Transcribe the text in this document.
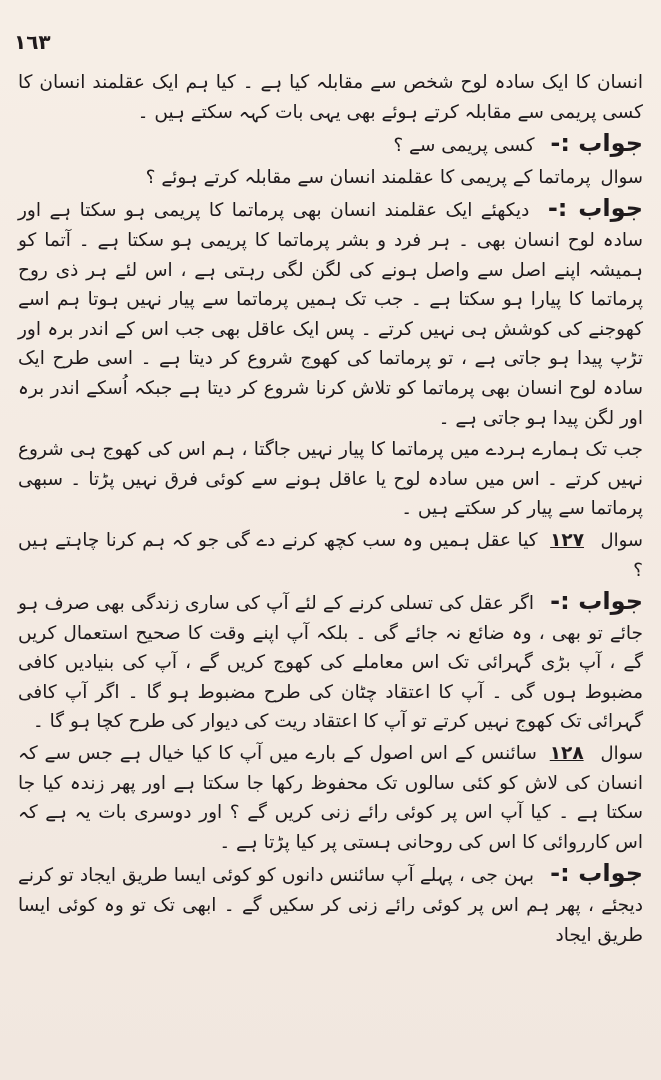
١٦٣

انسان کا ایک سادہ لوح شخص سے مقابلہ کیا ہے ۔ کیا ہم ایک عقلمند انسان کا کسی پریمی سے مقابلہ کرتے ہوئے بھی یہی بات کہہ سکتے ہیں ۔

جواب :- کسی پریمی سے ؟

سوال پرماتما کے پریمی کا عقلمند انسان سے مقابلہ کرتے ہوئے ؟

جواب :- دیکھئے ایک عقلمند انسان بھی پرماتما کا پریمی ہو سکتا ہے اور سادہ لوح انسان بھی ۔ ہر فرد و بشر پرماتما کا پریمی ہو سکتا ہے ۔ آتما کو ہمیشہ اپنے اصل سے واصل ہونے کی لگن لگی رہتی ہے ، اس لئے ہر ذی روح پرماتما کا پیارا ہو سکتا ہے ۔ جب تک ہمیں پرماتما سے پیار نہیں ہوتا ہم اسے کھوجنے کی کوشش ہی نہیں کرتے ۔ پس ایک عاقل بھی جب اس کے اندر برہ اور تڑپ پیدا ہو جاتی ہے ، تو پرماتما کی کھوج شروع کر دیتا ہے ۔ اسی طرح ایک سادہ لوح انسان بھی پرماتما کو تلاش کرنا شروع کر دیتا ہے جبکہ اُسکے اندر برہ اور لگن پیدا ہو جاتی ہے ۔

جب تک ہمارے ہردے میں پرماتما کا پیار نہیں جاگتا ، ہم اس کی کھوج ہی شروع نہیں کرتے ۔ اس میں سادہ لوح یا عاقل ہونے سے کوئی فرق نہیں پڑتا ۔ سبھی پرماتما سے پیار کر سکتے ہیں ۔

سوال ١٢٧ کیا عقل ہمیں وہ سب کچھ کرنے دے گی جو کہ ہم کرنا چاہتے ہیں ؟

جواب :- اگر عقل کی تسلی کرنے کے لئے آپ کی ساری زندگی بھی صرف ہو جائے تو بھی ، وہ ضائع نہ جائے گی ۔ بلکہ آپ اپنے وقت کا صحیح استعمال کریں گے ، آپ بڑی گہرائی تک اس معاملے کی کھوج کریں گے ، آپ کی بنیادیں کافی مضبوط ہوں گی ۔ آپ کا اعتقاد چٹان کی طرح مضبوط ہو گا ۔ اگر آپ کافی گہرائی تک کھوج نہیں کرتے تو آپ کا اعتقاد ریت کی دیوار کی طرح کچا ہو گا ۔

سوال ١٢٨ سائنس کے اس اصول کے بارے میں آپ کا کیا خیال ہے جس سے کہ انسان کی لاش کو کئی سالوں تک محفوظ رکھا جا سکتا ہے اور پھر زندہ کیا جا سکتا ہے ۔ کیا آپ اس پر کوئی رائے زنی کریں گے ؟ اور دوسری بات یہ ہے کہ اس کارروائی کا اس کی روحانی ہستی پر کیا پڑتا ہے ۔

جواب :- بہن جی ، پہلے آپ سائنس دانوں کو کوئی ایسا طریق ایجاد تو کرنے دیجئے ، پھر ہم اس پر کوئی رائے زنی کر سکیں گے ۔ ابھی تک تو وہ کوئی ایسا طریق ایجاد
